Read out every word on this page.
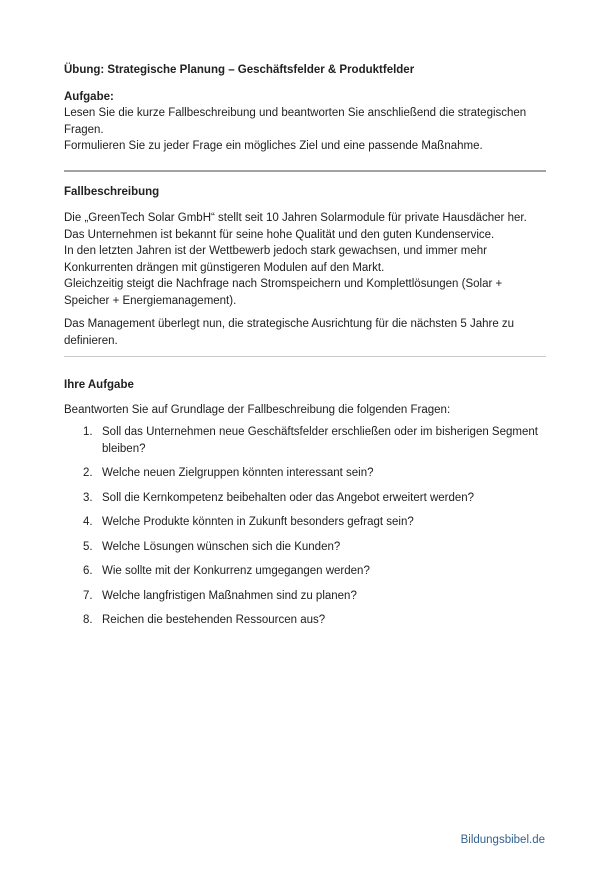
Übung: Strategische Planung – Geschäftsfelder & Produktfelder
Aufgabe:
Lesen Sie die kurze Fallbeschreibung und beantworten Sie anschließend die strategischen Fragen.
Formulieren Sie zu jeder Frage ein mögliches Ziel und eine passende Maßnahme.
Fallbeschreibung
Die „GreenTech Solar GmbH“ stellt seit 10 Jahren Solarmodule für private Hausdächer her.
Das Unternehmen ist bekannt für seine hohe Qualität und den guten Kundenservice.
In den letzten Jahren ist der Wettbewerb jedoch stark gewachsen, und immer mehr Konkurrenten drängen mit günstigeren Modulen auf den Markt.
Gleichzeitig steigt die Nachfrage nach Stromspeichern und Komplettlösungen (Solar + Speicher + Energiemanagement).

Das Management überlegt nun, die strategische Ausrichtung für die nächsten 5 Jahre zu definieren.

Ihre Aufgabe

Beantworten Sie auf Grundlage der Fallbeschreibung die folgenden Fragen:

1. Soll das Unternehmen neue Geschäftsfelder erschließen oder im bisherigen Segment bleiben?
2. Welche neuen Zielgruppen könnten interessant sein?
3. Soll die Kernkompetenz beibehalten oder das Angebot erweitert werden?
4. Welche Produkte könnten in Zukunft besonders gefragt sein?
5. Welche Lösungen wünschen sich die Kunden?
6. Wie sollte mit der Konkurrenz umgegangen werden?
7. Welche langfristigen Maßnahmen sind zu planen?
8. Reichen die bestehenden Ressourcen aus?
Bildungsbibel.de
